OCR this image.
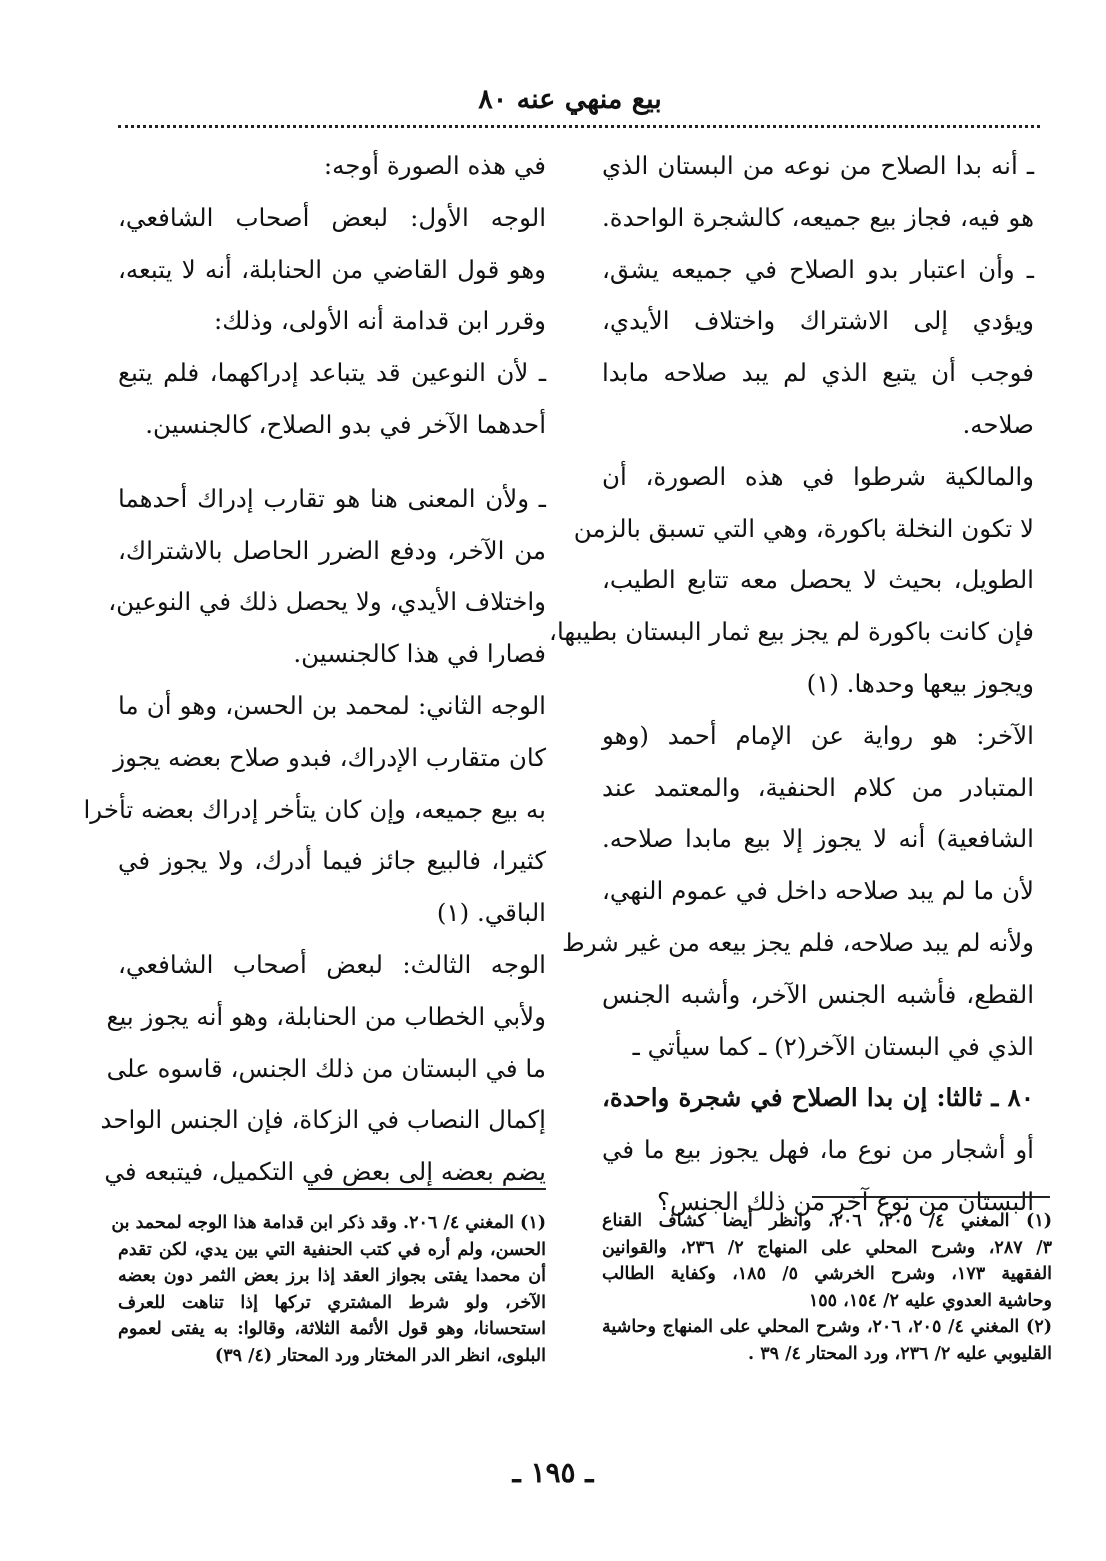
بيع منهي عنه ٨٠
ـ أنه بدا الصلاح من نوعه من البستان الذي
هو فيه، فجاز بيع جميعه، كالشجرة الواحدة.
ـ وأن اعتبار بدو الصلاح في جميعه يشق،
ويؤدي إلى الاشتراك واختلاف الأيدي،
فوجب أن يتبع الذي لم يبد صلاحه مابدا
صلاحه.
والمالكية شرطوا في هذه الصورة، أن
لا تكون النخلة باكورة، وهي التي تسبق بالزمن
الطويل، بحيث لا يحصل معه تتابع الطيب،
فإن كانت باكورة لم يجز بيع ثمار البستان بطيبها،
ويجوز بيعها وحدها. (١)
الآخر: هو رواية عن الإمام أحمد (وهو
المتبادر من كلام الحنفية، والمعتمد عند
الشافعية) أنه لا يجوز إلا بيع مابدا صلاحه.
لأن ما لم يبد صلاحه داخل في عموم النهي،
ولأنه لم يبد صلاحه، فلم يجز بيعه من غير شرط
القطع، فأشبه الجنس الآخر، وأشبه الجنس
الذي في البستان الآخر(٢) ـ كما سيأتي ـ
٨٠ ـ ثالثا: إن بدا الصلاح في شجرة واحدة،
أو أشجار من نوع ما، فهل يجوز بيع ما في
البستان من نوع آخر من ذلك الجنس؟
في هذه الصورة أوجه:
الوجه الأول: لبعض أصحاب الشافعي،
وهو قول القاضي من الحنابلة، أنه لا يتبعه،
وقرر ابن قدامة أنه الأولى، وذلك:
ـ لأن النوعين قد يتباعد إدراكهما، فلم يتبع
أحدهما الآخر في بدو الصلاح، كالجنسين.
ـ ولأن المعنى هنا هو تقارب إدراك أحدهما
من الآخر، ودفع الضرر الحاصل بالاشتراك،
واختلاف الأيدي، ولا يحصل ذلك في النوعين،
فصارا في هذا كالجنسين.
الوجه الثاني: لمحمد بن الحسن، وهو أن ما
كان متقارب الإدراك، فبدو صلاح بعضه يجوز
به بيع جميعه، وإن كان يتأخر إدراك بعضه تأخرا
كثيرا، فالبيع جائز فيما أدرك، ولا يجوز في
الباقي. (١)
الوجه الثالث: لبعض أصحاب الشافعي،
ولأبي الخطاب من الحنابلة، وهو أنه يجوز بيع
ما في البستان من ذلك الجنس، قاسوه على
إكمال النصاب في الزكاة، فإن الجنس الواحد
يضم بعضه إلى بعض في التكميل، فيتبعه في
(١) المغني ٤/ ٢٠٥، ٢٠٦، وانظر أيضا كشاف القناع
٣/ ٢٨٧، وشرح المحلي على المنهاج ٢/ ٢٣٦، والقوانين
الفقهية ١٧٣، وشرح الخرشي ٥/ ١٨٥، وكفاية الطالب
وحاشية العدوي عليه ٢/ ١٥٤، ١٥٥
(٢) المغني ٤/ ٢٠٥، ٢٠٦، وشرح المحلي على المنهاج وحاشية
القليوبي عليه ٢/ ٢٣٦، ورد المحتار ٤/ ٣٩ .
(١) المغني ٤/ ٢٠٦. وقد ذكر ابن قدامة هذا الوجه لمحمد بن
الحسن، ولم أره في كتب الحنفية التي بين يدي، لكن تقدم
أن محمدا يفتى بجواز العقد إذا برز بعض الثمر دون بعضه
الآخر، ولو شرط المشتري تركها إذا تناهت للعرف
استحسانا، وهو قول الأئمة الثلاثة، وقالوا: به يفتى لعموم
البلوى، انظر الدر المختار ورد المحتار (٤/ ٣٩)
ـ ١٩٥ ـ
